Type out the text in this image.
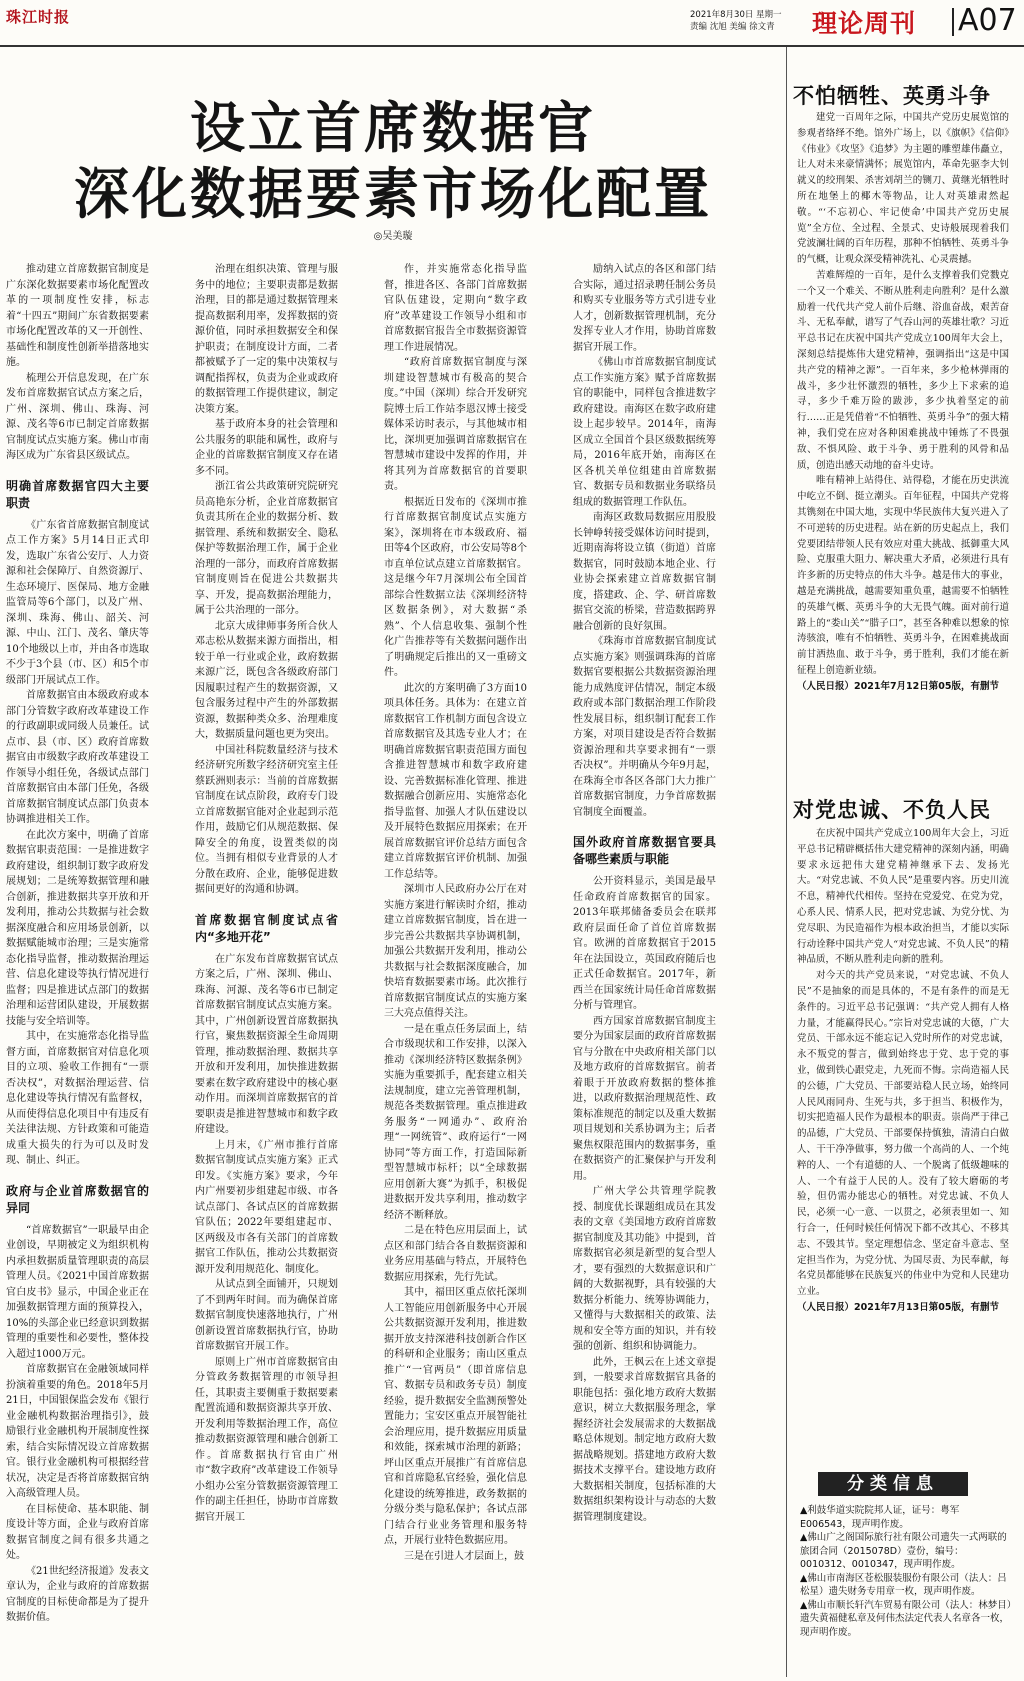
珠江时报	2021年8月30日 星期一
责编 沈旭 美编 徐文青 理论周刊 A07
设立首席数据官
深化数据要素市场化配置
◎吴美璇

推动建立首席数据官制度是广东深化数据要素市场化配置改革的一项制度性安排，标志着“十四五”期间广东省数据要素市场化配置改革的又一开创性、基础性和制度性创新举措落地实施。

梳理公开信息发现，在广东发布首席数据官试点方案之后，广州、深圳、佛山、珠海、河源、茂名等6市已制定首席数据官制度试点实施方案。佛山市南海区成为广东省县区级试点。

明确首席数据官四大主要职责

《广东省首席数据官制度试点工作方案》5月14日正式印发，选取广东省公安厅、人力资源和社会保障厅、自然资源厅、生态环境厅、医保局、地方金融监管局等6个部门，以及广州、深圳、珠海、佛山、韶关、河源、中山、江门、茂名、肇庆等10个地级以上市，并由各市选取不少于3个县（市、区）和5个市级部门开展试点工作。

首席数据官由本级政府或本部门分管数字政府改革建设工作的行政副职或同级人员兼任。试点市、县（市、区）政府首席数据官由市级数字政府改革建设工作领导小组任免，各级试点部门首席数据官由本部门任免，各级首席数据官制度试点部门负责本协调推进相关工作。

在此次方案中，明确了首席数据官职责范围：一是推进数字政府建设，组织制订数字政府发展规划；二是统筹数据管理和融合创新，推进数据共享开放和开发利用，推动公共数据与社会数据深度融合和应用场景创新，以数据赋能城市治理；三是实施常态化指导监督，推动数据治理运营、信息化建设等执行情况进行监督；四是推进试点部门的数据治理和运营团队建设，开展数据技能与安全培训等。

其中，在实施常态化指导监督方面，首席数据官对信息化项目的立项、验收工作拥有“一票否决权”，对数据治理运营、信息化建设等执行情况有监督权，从而使得信息化项目中有违反有关法律法规、方针政策和可能造成重大损失的行为可以及时发现、制止、纠正。

政府与企业首席数据官的异同

“首席数据官”一职最早由企业创设，早期被定义为组织机构内承担数据质量管理职责的高层管理人员。《2021中国首席数据官白皮书》显示，中国企业正在加强数据管理方面的预算投入，10%的头部企业已经意识到数据管理的重要性和必要性，整体投入超过1000万元。

首席数据官在金融领域同样扮演着重要的角色。2018年5月21日，中国银保监会发布《银行业金融机构数据治理指引》，鼓励银行业金融机构开展制度性探索，结合实际情况设立首席数据官。银行业金融机构可根据经营状况，决定是否将首席数据官纳入高级管理人员。

在目标使命、基本职能、制度设计等方面，企业与政府首席数据官制度之间有很多共通之处。

《21世纪经济报道》发表文章认为，企业与政府的首席数据官制度的目标使命都是为了提升数据价值。

治理在组织决策、管理与服务中的地位；主要职责都是数据治理，目的都是通过数据管理来提高数据利用率，发挥数据的资源价值，同时承担数据安全和保护职责；在制度设计方面，二者都被赋予了一定的集中决策权与调配指挥权，负责为企业或政府的数据管理工作提供建议，制定决策方案。

基于政府本身的社会管理和公共服务的职能和属性，政府与企业的首席数据官制度又存在诸多不同。

浙江省公共政策研究院研究员高艳东分析，企业首席数据官负责其所在企业的数据分析、数据管理、系统和数据安全、隐私保护等数据治理工作，属于企业治理的一部分，而政府首席数据官制度则旨在促进公共数据共享、开发，提高数据治理能力，属于公共治理的一部分。

北京大成律师事务所合伙人邓志松从数据来源方面指出，相较于单一行业或企业，政府数据来源广泛，既包含各级政府部门因履职过程产生的数据资源，又包含服务过程中产生的外部数据资源，数据种类众多、治理难度大，数据质量问题也更为突出。

中国社科院数量经济与技术经济研究所数字经济研究室主任蔡跃洲则表示：当前的首席数据官制度在试点阶段，政府专门设立首席数据官能对企业起到示范作用，鼓励它们从规范数据、保障安全的角度，设置类似的岗位。当拥有相似专业背景的人才分散在政府、企业，能够促进数据间更好的沟通和协调。

首席数据官制度试点省内“多地开花”

在广东发布首席数据官试点方案之后，广州、深圳、佛山、珠海、河源、茂名等6市已制定首席数据官制度试点实施方案。其中，广州创新设置首席数据执行官，聚焦数据资源全生命周期管理，推动数据治理、数据共享开放和开发利用，加快推进数据要素在数字政府建设中的核心驱动作用。而深圳首席数据官的首要职责是推进智慧城市和数字政府建设。

上月末，《广州市推行首席数据官制度试点实施方案》正式印发。《实施方案》要求，今年内广州要初步组建起市级、市各试点部门、各试点区的首席数据官队伍；2022年要组建起市、区两级及市各有关部门的首席数据官工作队伍，推动公共数据资源开发利用规范化、制度化。

从试点到全面铺开，只规划了不到两年时间。而为确保首席数据官制度快速落地执行，广州创新设置首席数据执行官，协助首席数据官开展工作。

原则上广州市首席数据官由分管政务数据管理的市领导担任，其职责主要侧重于数据要素配置流通和数据资源共享开放、开发利用等数据治理工作，高位推动数据资源管理和融合创新工作。首席数据执行官由广州市“数字政府”改革建设工作领导小组办公室分管数据资源管理工作的副主任担任，协助市首席数据官开展工

作，并实施常态化指导监督，推进各区、各部门首席数据官队伍建设，定期向“数字政府”改革建设工作领导小组和市首席数据官报告全市数据资源管理工作进展情况。

“政府首席数据官制度与深圳建设智慧城市有极高的契合度。”中国（深圳）综合开发研究院博士后工作站李恩汉博士接受媒体采访时表示，与其他城市相比，深圳更加强调首席数据官在智慧城市建设中发挥的作用，并将其列为首席数据官的首要职责。

根据近日发布的《深圳市推行首席数据官制度试点实施方案》，深圳将在市本级政府、福田等4个区政府，市公安局等8个市直单位试点建立首席数据官。这是继今年7月深圳公布全国首部综合性数据立法《深圳经济特区数据条例》，对大数据“杀熟”、个人信息收集、强制个性化广告推荐等有关数据问题作出了明确规定后推出的又一重磅文件。

此次的方案明确了3方面10项具体任务。具体为：在建立首席数据官工作机制方面包含设立首席数据官及其选专业人才；在明确首席数据官职责范围方面包含推进智慧城市和数字政府建设、完善数据标准化管理、推进数据融合创新应用、实施常态化指导监督、加强人才队伍建设以及开展特色数据应用探索；在开展首席数据官评价总结方面包含建立首席数据官评价机制、加强工作总结等。

深圳市人民政府办公厅在对实施方案进行解读时介绍，推动建立首席数据官制度，旨在进一步完善公共数据共享协调机制，加强公共数据开发利用，推动公共数据与社会数据深度融合，加快培育数据要素市场。此次推行首席数据官制度试点的实施方案三大亮点值得关注。

一是在重点任务层面上，结合市级现状和工作安排，以深入推动《深圳经济特区数据条例》实施为重要抓手，配套建立相关法规制度，建立完善管理机制，规范各类数据管理。重点推进政务服务“一网通办”、政府治理“一网统管”、政府运行“一网协同”等方面工作，打造国际新型智慧城市标杆；以“全球数据应用创新大赛”为抓手，积极促进数据开发共享利用，推动数字经济不断释放。

二是在特色应用层面上，试点区和部门结合各自数据资源和业务应用基础与特点，开展特色数据应用探索，先行先试。

其中，福田区重点依托深圳人工智能应用创新服务中心开展公共数据资源开发利用，推进数据开放支持深港科技创新合作区的科研和企业服务；南山区重点推广“一官两员”（即首席信息官、数据专员和政务专员）制度经验，提升数据安全监测预警处置能力；宝安区重点开展智能社会治理应用，提升数据应用质量和效能，探索城市治理的新路；坪山区重点开展推广有首席信息官和首席隐私官经验，强化信息化建设的统筹推进，政务数据的分级分类与隐私保护；各试点部门结合行业业务管理和服务特点，开展行业特色数据应用。

三是在引进人才层面上，鼓

励纳入试点的各区和部门结合实际，通过招录聘任制公务员和购买专业服务等方式引进专业人才，创新数据管理机制，充分发挥专业人才作用，协助首席数据官开展工作。

《佛山市首席数据官制度试点工作实施方案》赋予首席数据官的职能中，同样包含推进数字政府建设。南海区在数字政府建设上起步较早。2014年，南海区成立全国首个县区级数据统筹局，2016年底开始，南海区在区各机关单位组建由首席数据官、数据专员和数据业务联络员组成的数据管理工作队伍。

南海区政数局数据应用股股长钟峥转接受媒体访问时提到，近期南海将设立镇（街道）首席数据官，同时鼓励本地企业、行业协会探索建立首席数据官制度，搭建政、企、学、研首席数据官交流的桥梁，营造数据跨界融合创新的良好氛围。

《珠海市首席数据官制度试点实施方案》则强调珠海的首席数据官要根据公共数据资源治理能力成熟度评估情况，制定本级政府或本部门数据治理工作阶段性发展目标，组织制订配套工作方案，对项目建设是否符合数据资源治理和共享要求拥有“一票否决权”。并明确从今年9月起，在珠海全市各区各部门大力推广首席数据官制度，力争首席数据官制度全面覆盖。

国外政府首席数据官要具备哪些素质与职能

公开资料显示，美国是最早任命政府首席数据官的国家。2013年联邦储备委员会在联邦政府层面任命了首位首席数据官。欧洲的首席数据官于2015年在法国设立，英国政府随后也正式任命数据官。2017年，新西兰在国家统计局任命首席数据分析与管理官。

西方国家首席数据官制度主要分为国家层面的政府首席数据官与分散在中央政府相关部门以及地方政府的首席数据官。前者着眼于开放政府数据的整体推进，以政府数据治理规范性、政策标准规范的制定以及重大数据项目规划和关系协调为主；后者聚焦权限范围内的数据事务，重在数据资产的汇聚保护与开发利用。

广州大学公共管理学院教授、制度优长课题组成员在其发表的文章《美国地方政府首席数据官制度及其功能》中提到，首席数据官必须是新型的复合型人才，要有强烈的大数据意识和广阔的大数据视野，具有较强的大数据分析能力、统筹协调能力，又懂得与大数据相关的政策、法规和安全等方面的知识，并有较强的创新、组织和协调能力。

此外，王枫云在上述文章提到，一般要求首席数据官具备的职能包括：强化地方政府大数据意识，树立大数据服务理念，掌握经济社会发展需求的大数据战略总体规划。制定地方政府大数据战略规划。搭建地方政府大数据技术支撑平台。建设地方政府大数据相关制度，包括标准的大数据组织架构设计与动态的大数据管理制度建设。

不怕牺牲、英勇斗争

建党一百周年之际，中国共产党历史展览馆的参观者络绎不绝。馆外广场上，以《旗帜》《信仰》《伟业》《攻坚》《追梦》为主题的雕塑雄伟矗立，让人对未来豪情满怀；展览馆内，革命先驱李大钊就义的绞刑架、杀害刘胡兰的铡刀、黄继光牺牲时所在地堡上的椰木等物品，让人对英雄肃然起敬。“‘不忘初心、牢记使命’中国共产党历史展览”全方位、全过程、全景式、史诗般展现着我们党波澜壮阔的百年历程，那种不怕牺牲、英勇斗争的气概，让观众深受精神洗礼、心灵震撼。

苦难辉煌的一百年，是什么支撑着我们党戮克一个又一个难关、不断从胜利走向胜利？是什么激励着一代代共产党人前仆后继、浴血奋战，艰苦奋斗、无私奉献，谱写了气吞山河的英雄壮歌？习近平总书记在庆祝中国共产党成立100周年大会上，深刻总结提炼伟大建党精神，强调指出“这是中国共产党的精神之源”。一百年来，多少枪林弹雨的战斗，多少壮怀激烈的牺牲，多少上下求索的追寻，多少千难万险的跋涉，多少执着坚定的前行……正是凭借着“不怕牺牲、英勇斗争”的强大精神，我们党在应对各种困难挑战中锤炼了不畏强敌、不惧风险、敢于斗争、勇于胜利的风骨和品质，创造出感天动地的奋斗史诗。

唯有精神上站得住、站得稳，才能在历史洪流中屹立不倒、挺立潮头。百年征程，中国共产党将其镌刻在中国大地，实现中华民族伟大复兴进入了不可逆转的历史进程。站在新的历史起点上，我们党要团结带领人民有效应对重大挑战、抵御重大风险、克服重大阻力、解决重大矛盾，必须进行具有许多新的历史特点的伟大斗争。越是伟大的事业，越是充满挑战，越需要知重负重，越需要不怕牺牲的英雄气概、英勇斗争的大无畏气魄。面对前行道路上的“娄山关”“腊子口”，甚至各种难以想象的惊涛骇浪，唯有不怕牺牲、英勇斗争，在困难挑战面前甘洒热血、敢于斗争，勇于胜利，我们才能在新征程上创造新业绩。

（人民日报）2021年7月12日第05版，有删节

对党忠诚、不负人民

在庆祝中国共产党成立100周年大会上，习近平总书记精辟概括伟大建党精神的深刻内涵，明确要求永远把伟大建党精神继承下去、发扬光大。“对党忠诚、不负人民”是重要内容。历史川流不息，精神代代相传。坚持在党爱党、在党为党，心系人民、情系人民，把对党忠诚、为党分忧、为党尽职、为民造福作为根本政治担当，才能以实际行动诠释中国共产党人“对党忠诚、不负人民”的精神品质，不断从胜利走向新的胜利。

对今天的共产党员来说，“对党忠诚、不负人民”不是抽象的而是具体的，不是有条件的而是无条件的。习近平总书记强调：“共产党人拥有人格力量，才能赢得民心。”宗旨对党忠诚的大德，广大党员、干部永远不能忘记入党时所作的对党忠诚，永不叛党的誓言，做到始终忠于党、忠于党的事业，做到铁心跟党走，九死而不悔。宗尚造福人民的公德，广大党员、干部要站稳人民立场，始终同人民风雨同舟、生死与共，多于担当、积极作为，切实把造福人民作为最根本的职责。崇尚严于律己的品德，广大党员、干部要保持慎独，清清白白做人、干干净净做事，努力做一个高尚的人、一个纯粹的人、一个有道德的人、一个脱离了低级趣味的人、一个有益于人民的人。没有了较大磨砺的考验，但仍需办能忠心的牺牲。对党忠诚、不负人民，必须一心一意、一以贯之，必须表里如一、知行合一，任何时候任何情况下都不改其心、不移其志、不毁其节。坚定理想信念、坚定奋斗意志、坚定担当作为，为党分忧、为国尽责、为民奉献，每名党员都能够在民族复兴的伟业中为党和人民建功立业。

（人民日报）2021年7月13日第05版，有删节

分类信息
▲利鼓华道实院院邦人证，证号：粤军 E006543，现声明作废。
▲佛山广之阁国际旅行社有限公司遗失一式两联的旅团合同（2015078D）壹份，编号：0010312、0010347，现声明作废。
▲佛山市南海区苍松服装服份有限公司（法人：吕松星）遗失财务专用章一枚，现声明作废。
▲佛山市顺长轩汽车贸易有限公司（法人：林梦目）遗失黄福健私章及何伟杰法定代表人名章各一枚，现声明作废。
